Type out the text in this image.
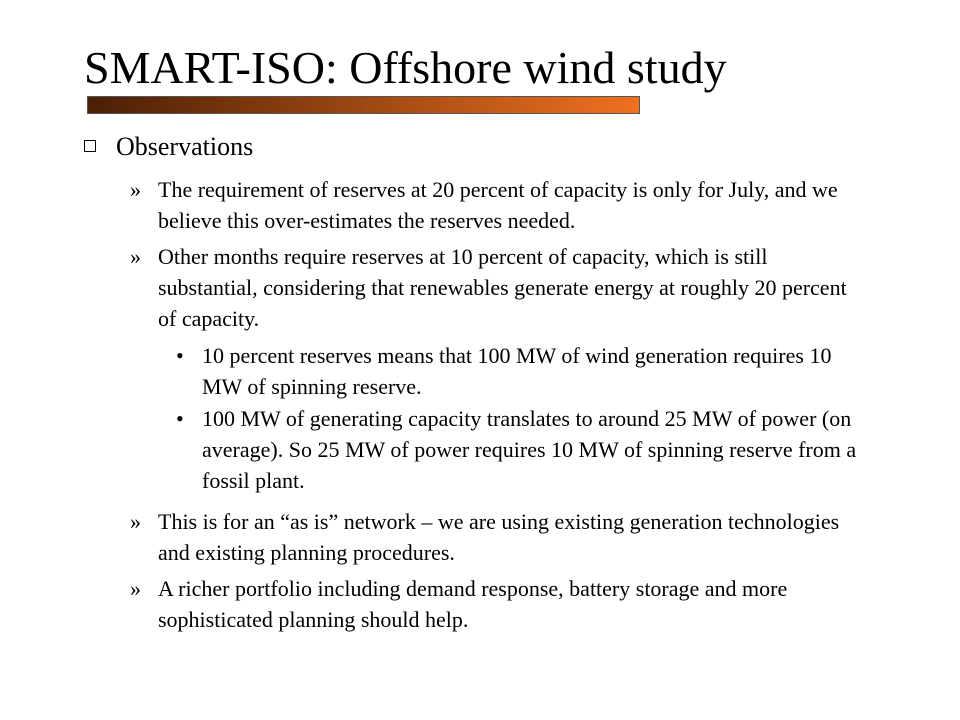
SMART-ISO: Offshore wind study
Observations
» The requirement of reserves at 20 percent of capacity is only for July, and we believe this over-estimates the reserves needed.
» Other months require reserves at 10 percent of capacity, which is still substantial, considering that renewables generate energy at roughly 20 percent of capacity.
• 10 percent reserves means that 100 MW of wind generation requires 10 MW of spinning reserve.
• 100 MW of generating capacity translates to around 25 MW of power (on average). So 25 MW of power requires 10 MW of spinning reserve from a fossil plant.
» This is for an “as is” network – we are using existing generation technologies and existing planning procedures.
» A richer portfolio including demand response, battery storage and more sophisticated planning should help.
